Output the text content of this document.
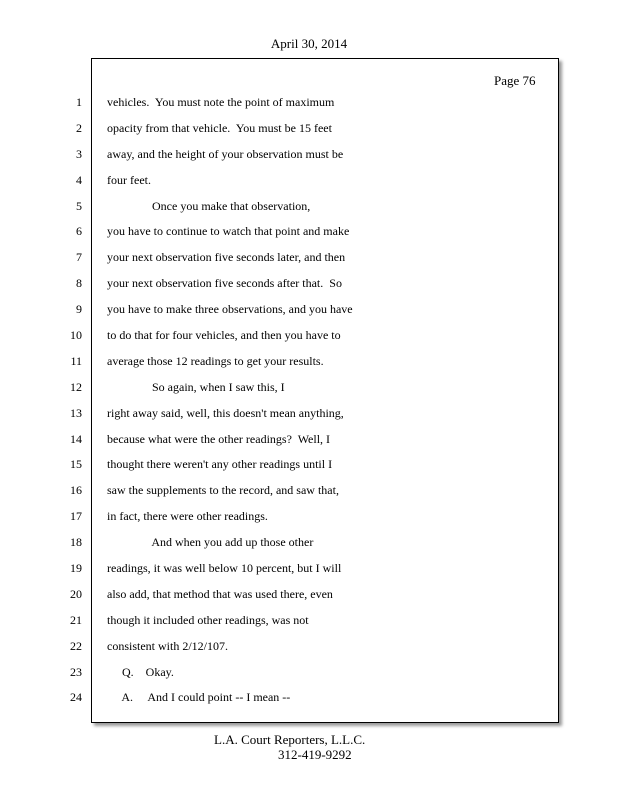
April 30, 2014
Page 76
1
2
3
4
5
6
7
8
9
10
11
12
13
14
15
16
17
18
19
20
21
22
23
24
vehicles.  You must note the point of maximum
opacity from that vehicle.  You must be 15 feet
away, and the height of your observation must be
four feet.
Once you make that observation,
you have to continue to watch that point and make
your next observation five seconds later, and then
your next observation five seconds after that.  So
you have to make three observations, and you have
to do that for four vehicles, and then you have to
average those 12 readings to get your results.
So again, when I saw this, I
right away said, well, this doesn't mean anything,
because what were the other readings?  Well, I
thought there weren't any other readings until I
saw the supplements to the record, and saw that,
in fact, there were other readings.
And when you add up those other
readings, it was well below 10 percent, but I will
also add, that method that was used there, even
though it included other readings, was not
consistent with 2/12/107.
Q.    Okay.
A.     And I could point -- I mean --
L.A. Court Reporters, L.L.C.
312-419-9292
